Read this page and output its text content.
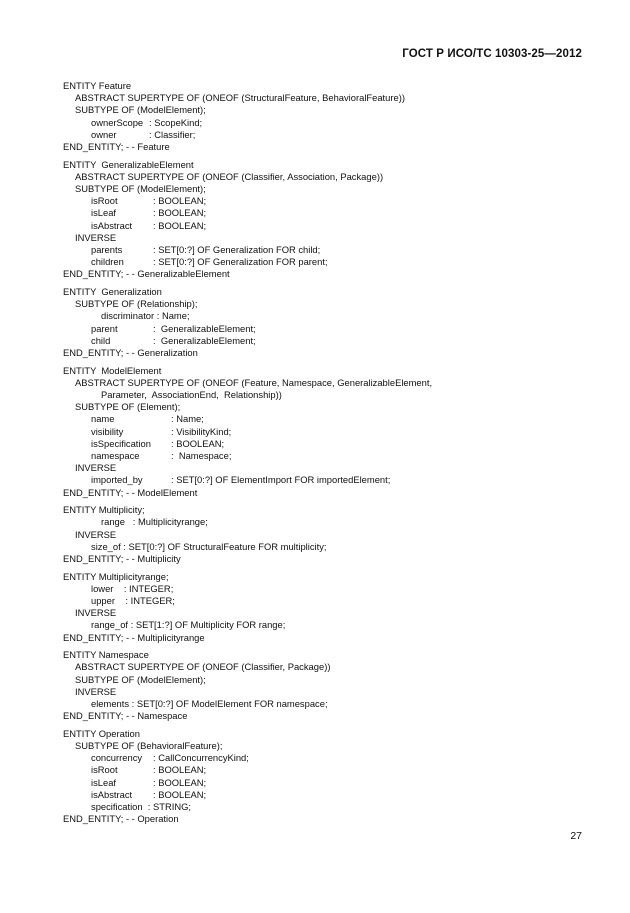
ГОСТ Р ИСО/ТС 10303-25—2012
ENTITY Feature
ABSTRACT SUPERTYPE OF (ONEOF (StructuralFeature, BehavioralFeature))
SUBTYPE OF (ModelElement);
ownerScope : ScopeKind;
owner	: Classifier;
END_ENTITY; - - Feature
ENTITY  GeneralizableElement
ABSTRACT SUPERTYPE OF (ONEOF (Classifier, Association, Package))
SUBTYPE OF (ModelElement);
isRoot	: BOOLEAN;
isLeaf	: BOOLEAN;
isAbstract : BOOLEAN;
INVERSE
parents	: SET[0:?] OF Generalization FOR child;
children	: SET[0:?] OF Generalization FOR parent;
END_ENTITY; - - GeneralizableElement
ENTITY  Generalization
SUBTYPE OF (Relationship);
discriminator : Name;
parent	:  GeneralizableElement;
child	:  GeneralizableElement;
END_ENTITY; - - Generalization
ENTITY  ModelElement
ABSTRACT SUPERTYPE OF (ONEOF (Feature, Namespace, GeneralizableElement,
Parameter,  AssociationEnd,  Relationship))
SUBTYPE OF (Element);
name	: Name;
visibility	: VisibilityKind;
isSpecification : BOOLEAN;
namespace	:  Namespace;
INVERSE
imported_by	: SET[0:?] OF ElementImport FOR importedElement;
END_ENTITY; - - ModelElement
ENTITY Multiplicity;
range   : Multiplicityrange;
INVERSE
size_of : SET[0:?] OF StructuralFeature FOR multiplicity;
END_ENTITY; - - Multiplicity
ENTITY Multiplicityrange;
lower    : INTEGER;
upper    : INTEGER;
INVERSE
range_of : SET[1:?] OF Multiplicity FOR range;
END_ENTITY; - - Multiplicityrange
ENTITY Namespace
ABSTRACT SUPERTYPE OF (ONEOF (Classifier, Package))
SUBTYPE OF (ModelElement);
INVERSE
elements : SET[0:?] OF ModelElement FOR namespace;
END_ENTITY; - - Namespace
ENTITY Operation
SUBTYPE OF (BehavioralFeature);
concurrency : CallConcurrencyKind;
isRoot	: BOOLEAN;
isLeaf	: BOOLEAN;
isAbstract : BOOLEAN;
specification  : STRING;
END_ENTITY; - - Operation
27
